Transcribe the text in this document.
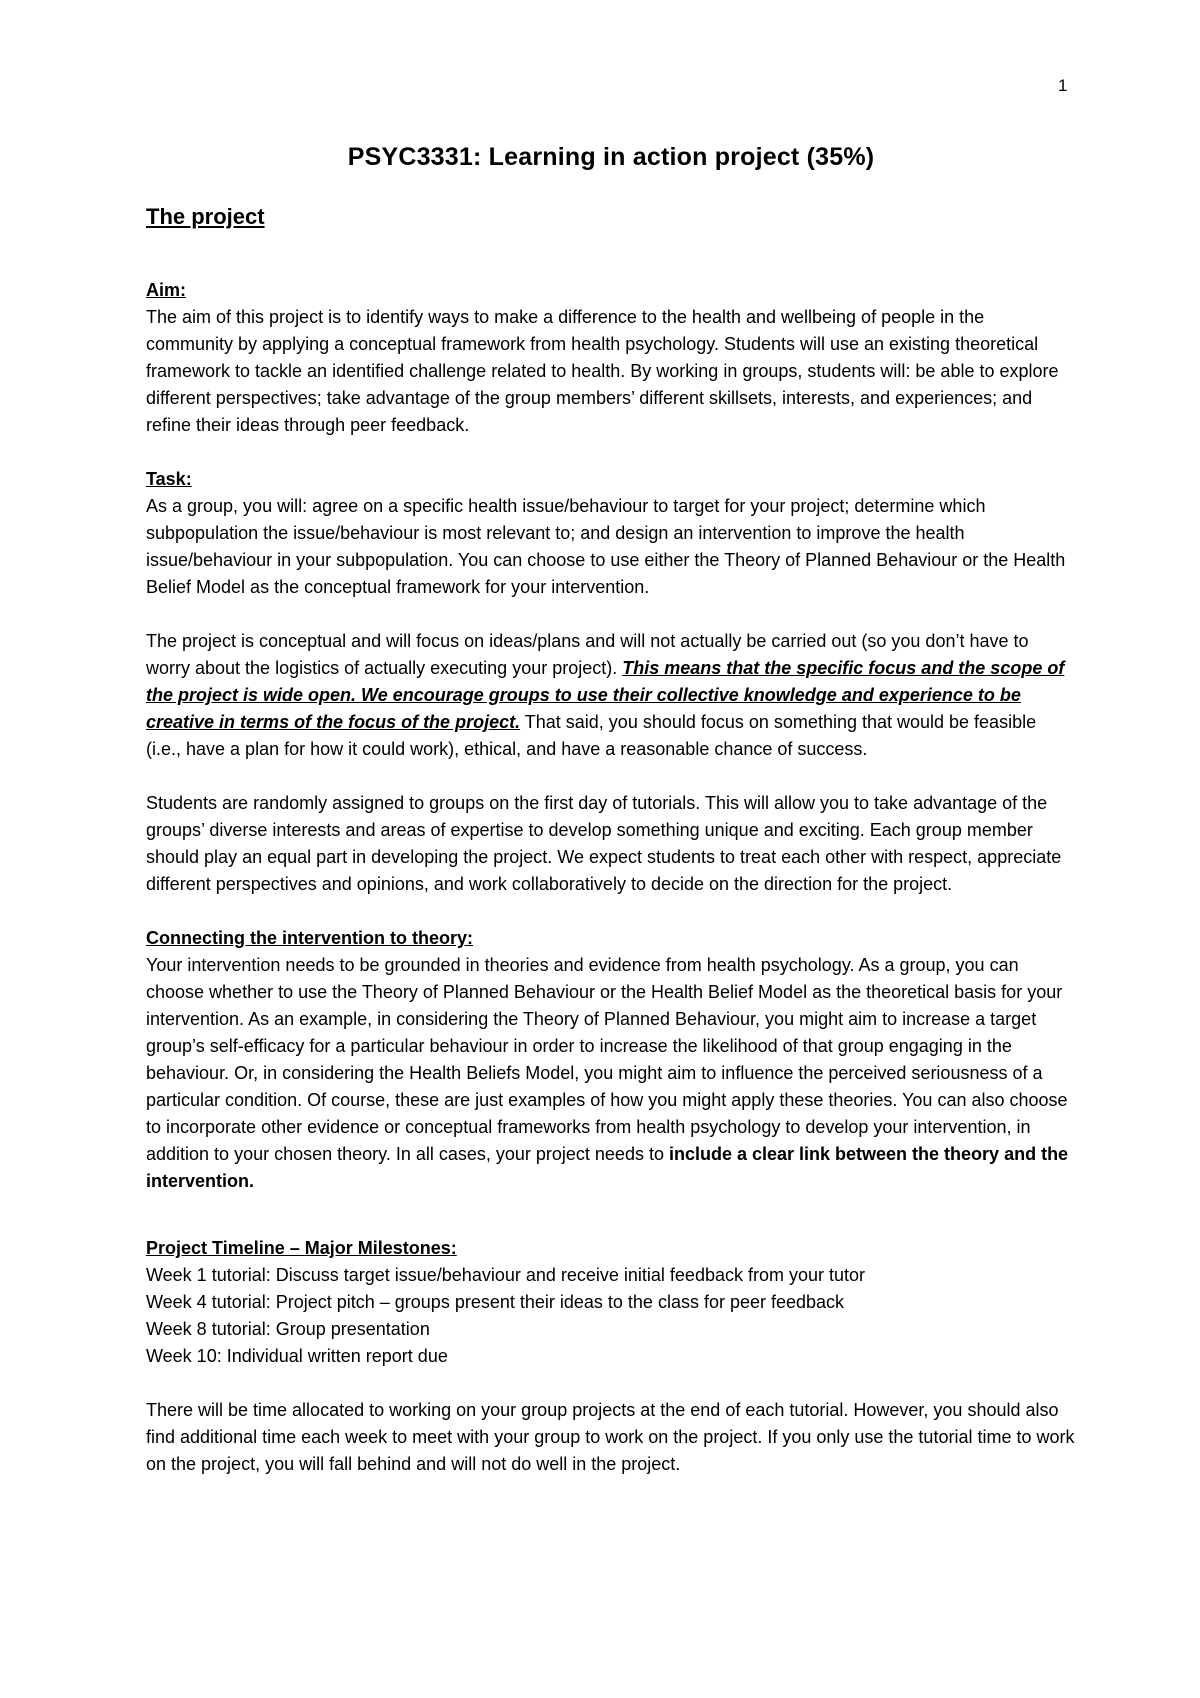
1
PSYC3331: Learning in action project (35%)
The project
Aim:

The aim of this project is to identify ways to make a difference to the health and wellbeing of people in the community by applying a conceptual framework from health psychology. Students will use an existing theoretical framework to tackle an identified challenge related to health. By working in groups, students will: be able to explore different perspectives; take advantage of the group members’ different skillsets, interests, and experiences; and refine their ideas through peer feedback.

Task:

As a group, you will: agree on a specific health issue/behaviour to target for your project; determine which subpopulation the issue/behaviour is most relevant to; and design an intervention to improve the health issue/behaviour in your subpopulation. You can choose to use either the Theory of Planned Behaviour or the Health Belief Model as the conceptual framework for your intervention.

The project is conceptual and will focus on ideas/plans and will not actually be carried out (so you don’t have to worry about the logistics of actually executing your project). This means that the specific focus and the scope of the project is wide open. We encourage groups to use their collective knowledge and experience to be creative in terms of the focus of the project. That said, you should focus on something that would be feasible (i.e., have a plan for how it could work), ethical, and have a reasonable chance of success.

Students are randomly assigned to groups on the first day of tutorials. This will allow you to take advantage of the groups’ diverse interests and areas of expertise to develop something unique and exciting. Each group member should play an equal part in developing the project. We expect students to treat each other with respect, appreciate different perspectives and opinions, and work collaboratively to decide on the direction for the project.

Connecting the intervention to theory:

Your intervention needs to be grounded in theories and evidence from health psychology. As a group, you can choose whether to use the Theory of Planned Behaviour or the Health Belief Model as the theoretical basis for your intervention. As an example, in considering the Theory of Planned Behaviour, you might aim to increase a target group’s self-efficacy for a particular behaviour in order to increase the likelihood of that group engaging in the behaviour. Or, in considering the Health Beliefs Model, you might aim to influence the perceived seriousness of a particular condition. Of course, these are just examples of how you might apply these theories. You can also choose to incorporate other evidence or conceptual frameworks from health psychology to develop your intervention, in addition to your chosen theory. In all cases, your project needs to include a clear link between the theory and the intervention.

Project Timeline – Major Milestones:
Week 1 tutorial: Discuss target issue/behaviour and receive initial feedback from your tutor
Week 4 tutorial: Project pitch – groups present their ideas to the class for peer feedback
Week 8 tutorial: Group presentation
Week 10: Individual written report due

There will be time allocated to working on your group projects at the end of each tutorial. However, you should also find additional time each week to meet with your group to work on the project. If you only use the tutorial time to work on the project, you will fall behind and will not do well in the project.
